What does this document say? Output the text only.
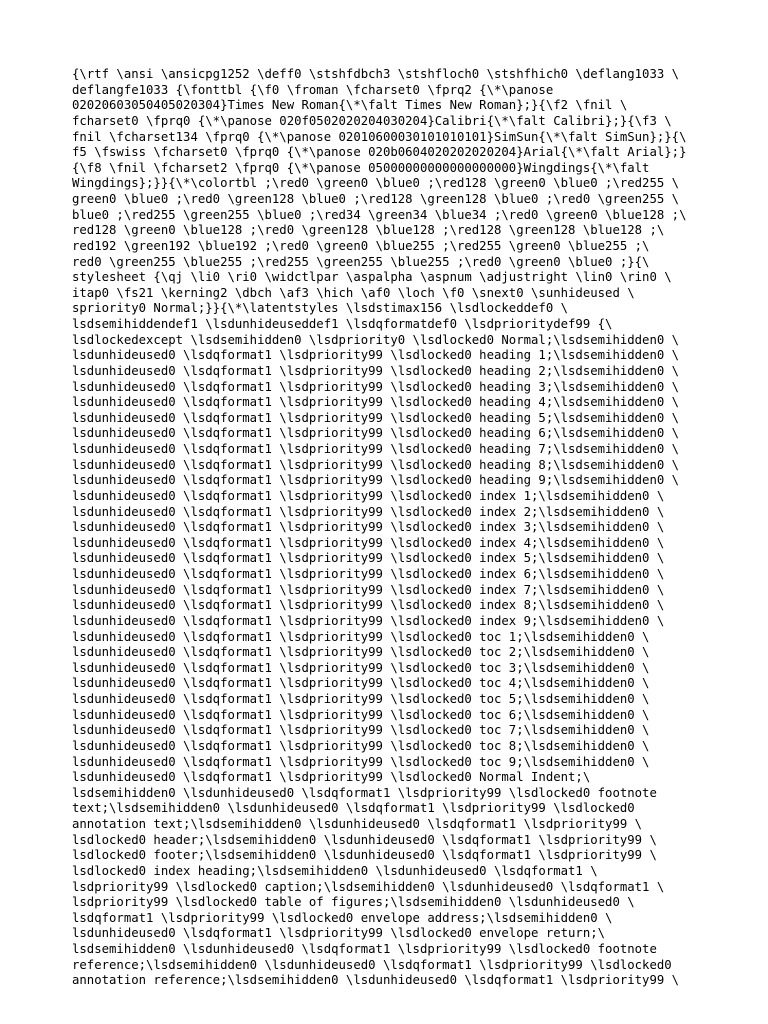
{\rtf \ansi \ansicpg1252 \deff0 \stshfdbch3 \stshfloch0 \stshfhich0 \deflang1033 \
deflangfe1033 {\fonttbl {\f0 \froman \fcharset0 \fprq2 {\*\panose
02020603050405020304}Times New Roman{\*\falt Times New Roman};}{\f2 \fnil \
fcharset0 \fprq0 {\*\panose 020f0502020204030204}Calibri{\*\falt Calibri};}{\f3 \
fnil \fcharset134 \fprq0 {\*\panose 02010600030101010101}SimSun{\*\falt SimSun};}{\
f5 \fswiss \fcharset0 \fprq0 {\*\panose 020b0604020202020204}Arial{\*\falt Arial};}
{\f8 \fnil \fcharset2 \fprq0 {\*\panose 05000000000000000000}Wingdings{\*\falt
Wingdings};}}{\*\colortbl ;\red0 \green0 \blue0 ;\red128 \green0 \blue0 ;\red255 \
green0 \blue0 ;\red0 \green128 \blue0 ;\red128 \green128 \blue0 ;\red0 \green255 \
blue0 ;\red255 \green255 \blue0 ;\red34 \green34 \blue34 ;\red0 \green0 \blue128 ;\
red128 \green0 \blue128 ;\red0 \green128 \blue128 ;\red128 \green128 \blue128 ;\
red192 \green192 \blue192 ;\red0 \green0 \blue255 ;\red255 \green0 \blue255 ;\
red0 \green255 \blue255 ;\red255 \green255 \blue255 ;\red0 \green0 \blue0 ;}{\
stylesheet {\qj \li0 \ri0 \widctlpar \aspalpha \aspnum \adjustright \lin0 \rin0 \
itap0 \fs21 \kerning2 \dbch \af3 \hich \af0 \loch \f0 \snext0 \sunhideused \
spriority0 Normal;}}{\*\latentstyles \lsdstimax156 \lsdlockeddef0 \
lsdsemihiddendef1 \lsdunhideuseddef1 \lsdqformatdef0 \lsdprioritydef99 {\
lsdlockedexcept \lsdsemihidden0 \lsdpriority0 \lsdlocked0 Normal;\lsdsemihidden0 \
lsdunhideused0 \lsdqformat1 \lsdpriority99 \lsdlocked0 heading 1;\lsdsemihidden0 \
lsdunhideused0 \lsdqformat1 \lsdpriority99 \lsdlocked0 heading 2;\lsdsemihidden0 \
lsdunhideused0 \lsdqformat1 \lsdpriority99 \lsdlocked0 heading 3;\lsdsemihidden0 \
lsdunhideused0 \lsdqformat1 \lsdpriority99 \lsdlocked0 heading 4;\lsdsemihidden0 \
lsdunhideused0 \lsdqformat1 \lsdpriority99 \lsdlocked0 heading 5;\lsdsemihidden0 \
lsdunhideused0 \lsdqformat1 \lsdpriority99 \lsdlocked0 heading 6;\lsdsemihidden0 \
lsdunhideused0 \lsdqformat1 \lsdpriority99 \lsdlocked0 heading 7;\lsdsemihidden0 \
lsdunhideused0 \lsdqformat1 \lsdpriority99 \lsdlocked0 heading 8;\lsdsemihidden0 \
lsdunhideused0 \lsdqformat1 \lsdpriority99 \lsdlocked0 heading 9;\lsdsemihidden0 \
lsdunhideused0 \lsdqformat1 \lsdpriority99 \lsdlocked0 index 1;\lsdsemihidden0 \
lsdunhideused0 \lsdqformat1 \lsdpriority99 \lsdlocked0 index 2;\lsdsemihidden0 \
lsdunhideused0 \lsdqformat1 \lsdpriority99 \lsdlocked0 index 3;\lsdsemihidden0 \
lsdunhideused0 \lsdqformat1 \lsdpriority99 \lsdlocked0 index 4;\lsdsemihidden0 \
lsdunhideused0 \lsdqformat1 \lsdpriority99 \lsdlocked0 index 5;\lsdsemihidden0 \
lsdunhideused0 \lsdqformat1 \lsdpriority99 \lsdlocked0 index 6;\lsdsemihidden0 \
lsdunhideused0 \lsdqformat1 \lsdpriority99 \lsdlocked0 index 7;\lsdsemihidden0 \
lsdunhideused0 \lsdqformat1 \lsdpriority99 \lsdlocked0 index 8;\lsdsemihidden0 \
lsdunhideused0 \lsdqformat1 \lsdpriority99 \lsdlocked0 index 9;\lsdsemihidden0 \
lsdunhideused0 \lsdqformat1 \lsdpriority99 \lsdlocked0 toc 1;\lsdsemihidden0 \
lsdunhideused0 \lsdqformat1 \lsdpriority99 \lsdlocked0 toc 2;\lsdsemihidden0 \
lsdunhideused0 \lsdqformat1 \lsdpriority99 \lsdlocked0 toc 3;\lsdsemihidden0 \
lsdunhideused0 \lsdqformat1 \lsdpriority99 \lsdlocked0 toc 4;\lsdsemihidden0 \
lsdunhideused0 \lsdqformat1 \lsdpriority99 \lsdlocked0 toc 5;\lsdsemihidden0 \
lsdunhideused0 \lsdqformat1 \lsdpriority99 \lsdlocked0 toc 6;\lsdsemihidden0 \
lsdunhideused0 \lsdqformat1 \lsdpriority99 \lsdlocked0 toc 7;\lsdsemihidden0 \
lsdunhideused0 \lsdqformat1 \lsdpriority99 \lsdlocked0 toc 8;\lsdsemihidden0 \
lsdunhideused0 \lsdqformat1 \lsdpriority99 \lsdlocked0 toc 9;\lsdsemihidden0 \
lsdunhideused0 \lsdqformat1 \lsdpriority99 \lsdlocked0 Normal Indent;\
lsdsemihidden0 \lsdunhideused0 \lsdqformat1 \lsdpriority99 \lsdlocked0 footnote
text;\lsdsemihidden0 \lsdunhideused0 \lsdqformat1 \lsdpriority99 \lsdlocked0
annotation text;\lsdsemihidden0 \lsdunhideused0 \lsdqformat1 \lsdpriority99 \
lsdlocked0 header;\lsdsemihidden0 \lsdunhideused0 \lsdqformat1 \lsdpriority99 \
lsdlocked0 footer;\lsdsemihidden0 \lsdunhideused0 \lsdqformat1 \lsdpriority99 \
lsdlocked0 index heading;\lsdsemihidden0 \lsdunhideused0 \lsdqformat1 \
lsdpriority99 \lsdlocked0 caption;\lsdsemihidden0 \lsdunhideused0 \lsdqformat1 \
lsdpriority99 \lsdlocked0 table of figures;\lsdsemihidden0 \lsdunhideused0 \
lsdqformat1 \lsdpriority99 \lsdlocked0 envelope address;\lsdsemihidden0 \
lsdunhideused0 \lsdqformat1 \lsdpriority99 \lsdlocked0 envelope return;\
lsdsemihidden0 \lsdunhideused0 \lsdqformat1 \lsdpriority99 \lsdlocked0 footnote
reference;\lsdsemihidden0 \lsdunhideused0 \lsdqformat1 \lsdpriority99 \lsdlocked0
annotation reference;\lsdsemihidden0 \lsdunhideused0 \lsdqformat1 \lsdpriority99 \
